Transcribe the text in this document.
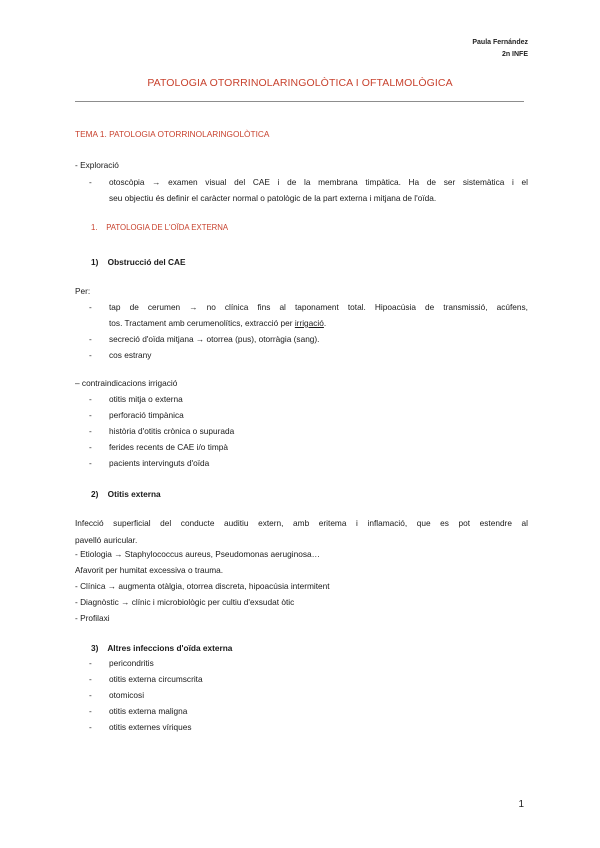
Paula Fernández
2n INFE
PATOLOGIA OTORRINOLARINGOLÒTICA I OFTALMOLÒGICA
TEMA 1. PATOLOGIA OTORRINOLARINGOLÒTICA
- Exploració
- otoscòpia → examen visual del CAE i de la membrana timpàtica. Ha de ser sistemàtica i el
seu objectiu és definir el caràcter normal o patològic de la part externa i mitjana de l'oïda.
1. PATOLOGIA DE L'OÏDA EXTERNA
1) Obstrucció del CAE
Per:
- tap de cerumen → no clínica fins al taponament total. Hipoacúsia de transmissió, acúfens,
tos. Tractament amb cerumenolítics, extracció per irrigació.
- secreció d'oïda mitjana → otorrea (pus), otorràgia (sang).
- cos estrany
– contraindicacions irrigació
- otitis mitja o externa
- perforació timpànica
- història d'otitis crònica o supurada
- ferides recents de CAE i/o timpà
- pacients intervinguts d'oïda
2) Otitis externa
Infecció superficial del conducte auditiu extern, amb eritema i inflamació, que es pot estendre al
pavelló auricular.
- Etiologia → Staphylococcus aureus, Pseudomonas aeruginosa…
Afavorit per humitat excessiva o trauma.
- Clínica → augmenta otàlgia, otorrea discreta, hipoacúsia intermitent
- Diagnòstic → clínic i microbiològic per cultiu d'exsudat òtic
- Profilaxi
3) Altres infeccions d'oïda externa
- pericondritis
- otitis externa circumscrita
- otomicosi
- otitis externa maligna
- otitis externes víriques
1
